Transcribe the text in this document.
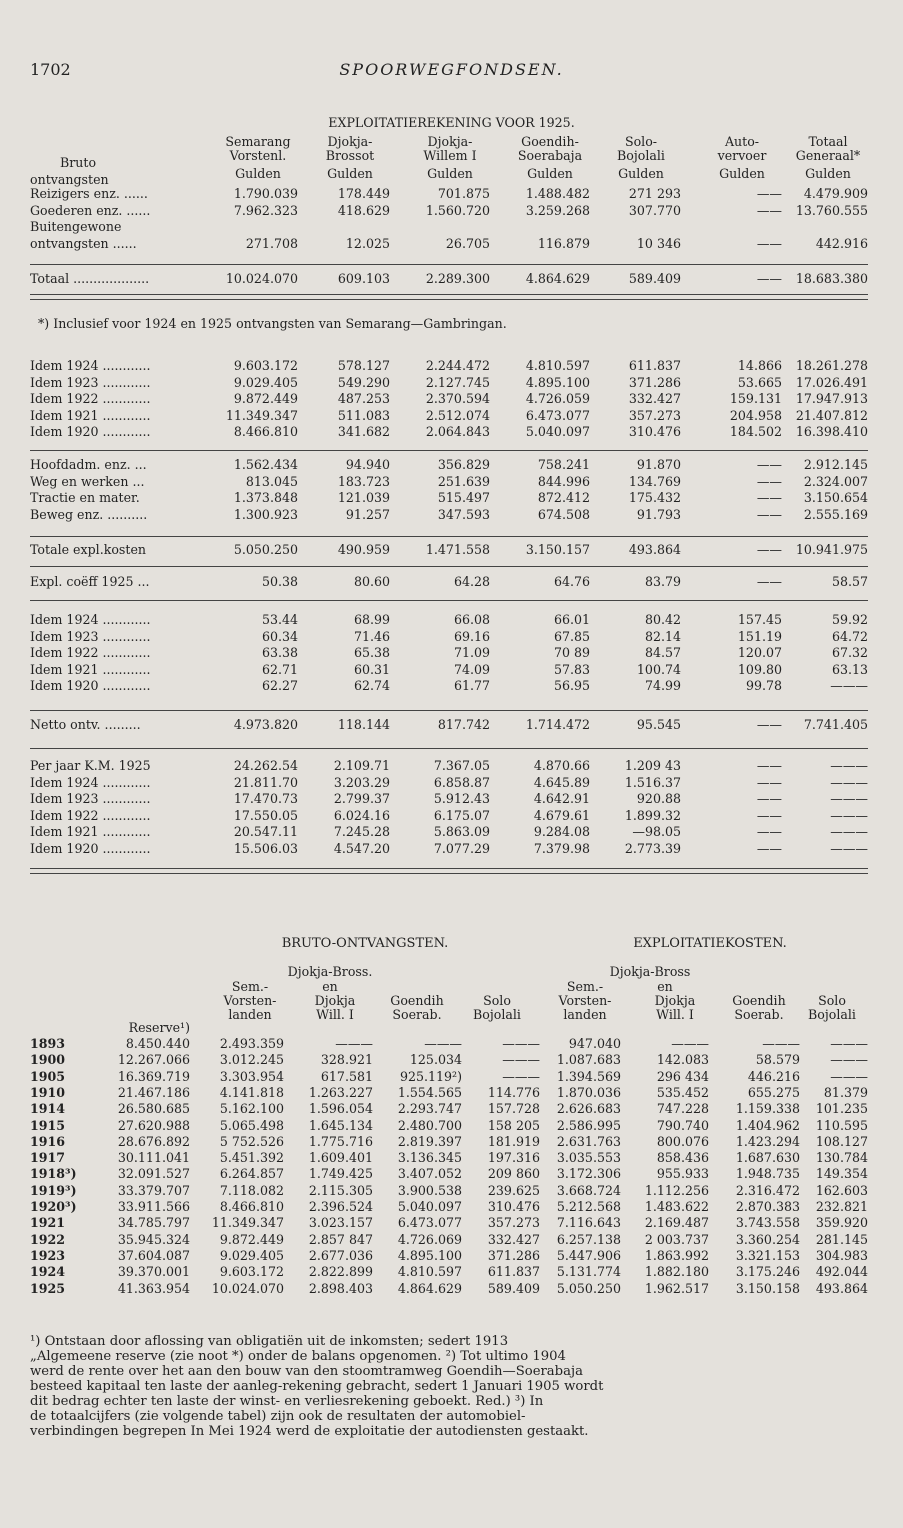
1702	SPOORWEGFONDSEN.
EXPLOITATIEREKENING VOOR 1925.
Bruto
ontvangsten
Semarang
Vorstenl.
Gulden
Djokja-
Brossot
Gulden
Djokja-
Willem I
Gulden
Goendih-
Soerabaja
Gulden
Solo-
Bojolali
Gulden
Auto-
vervoer
Gulden
Totaal
Generaal*
Gulden
Reizigers enz. ......	1.790.039	178.449	701.875	1.488.482	271 293	——	4.479.909
Goederen enz. ......	7.962.323	418.629	1.560.720	3.259.268	307.770	——	13.760.555
Buitengewone
ontvangsten ......	271.708	12.025	26.705	116.879	10 346	——	442.916
Totaal ...................	10.024.070	609.103	2.289.300	4.864.629	589.409	——	18.683.380
*) Inclusief voor 1924 en 1925 ontvangsten van Semarang—Gambringan.
Idem 1924 ............	9.603.172	578.127	2.244.472	4.810.597	611.837	14.866	18.261.278
Idem 1923 ............	9.029.405	549.290	2.127.745	4.895.100	371.286	53.665	17.026.491
Idem 1922 ............	9.872.449	487.253	2.370.594	4.726.059	332.427	159.131	17.947.913
Idem 1921 ............	11.349.347	511.083	2.512.074	6.473.077	357.273	204.958	21.407.812
Idem 1920 ............	8.466.810	341.682	2.064.843	5.040.097	310.476	184.502	16.398.410
Hoofdadm. enz. ...	1.562.434	94.940	356.829	758.241	91.870	——	2.912.145
Weg en werken ...	813.045	183.723	251.639	844.996	134.769	——	2.324.007
Tractie en mater.	1.373.848	121.039	515.497	872.412	175.432	——	3.150.654
Beweg enz. ..........	1.300.923	91.257	347.593	674.508	91.793	——	2.555.169
Totale expl.kosten	5.050.250	490.959	1.471.558	3.150.157	493.864	——	10.941.975
Expl. coëff 1925 ...	50.38	80.60	64.28	64.76	83.79	——	58.57
Idem 1924 ............	53.44	68.99	66.08	66.01	80.42	157.45	59.92
Idem 1923 ............	60.34	71.46	69.16	67.85	82.14	151.19	64.72
Idem 1922 ............	63.38	65.38	71.09	70 89	84.57	120.07	67.32
Idem 1921 ............	62.71	60.31	74.09	57.83	100.74	109.80	63.13
Idem 1920 ............	62.27	62.74	61.77	56.95	74.99	99.78	———
Netto ontv. .........	4.973.820	118.144	817.742	1.714.472	95.545	——	7.741.405
Per jaar K.M. 1925	24.262.54	2.109.71	7.367.05	4.870.66	1.209 43	——	———
Idem 1924 ............	21.811.70	3.203.29	6.858.87	4.645.89	1.516.37	——	———
Idem 1923 ............	17.470.73	2.799.37	5.912.43	4.642.91	920.88	——	———
Idem 1922 ............	17.550.05	6.024.16	6.175.07	4.679.61	1.899.32	——	———
Idem 1921 ............	20.547.11	7.245.28	5.863.09	9.284.08	—98.05	——	———
Idem 1920 ............	15.506.03	4.547.20	7.077.29	7.379.98	2.773.39	——	———
BRUTO-ONTVANGSTEN.	EXPLOITATIEKOSTEN.
Djokja-Bross.	Djokja-Bross
en	en
Sem.-	Sem.-
Vorsten-	Vorsten-
landen	landen
Djokja	Djokja
Will. I	Will. I
Goendih	Goendih
Soerab.	Soerab.
Solo	Solo
Bojolali	Bojolali
Reserve¹)
1893	8.450.440	2.493.359	———	———	———	947.040	———	———	———
1900	12.267.066	3.012.245	328.921	125.034	———	1.087.683	142.083	58.579	———
1905	16.369.719	3.303.954	617.581	925.119²)	———	1.394.569	296 434	446.216	———
1910	21.467.186	4.141.818	1.263.227	1.554.565	114.776	1.870.036	535.452	655.275	81.379
1914	26.580.685	5.162.100	1.596.054	2.293.747	157.728	2.626.683	747.228	1.159.338	101.235
1915	27.620.988	5.065.498	1.645.134	2.480.700	158 205	2.586.995	790.740	1.404.962	110.595
1916	28.676.892	5 752.526	1.775.716	2.819.397	181.919	2.631.763	800.076	1.423.294	108.127
1917	30.111.041	5.451.392	1.609.401	3.136.345	197.316	3.035.553	858.436	1.687.630	130.784
1918³)	32.091.527	6.264.857	1.749.425	3.407.052	209 860	3.172.306	955.933	1.948.735	149.354
1919³)	33.379.707	7.118.082	2.115.305	3.900.538	239.625	3.668.724	1.112.256	2.316.472	162.603
1920³)	33.911.566	8.466.810	2.396.524	5.040.097	310.476	5.212.568	1.483.622	2.870.383	232.821
1921	34.785.797	11.349.347	3.023.157	6.473.077	357.273	7.116.643	2.169.487	3.743.558	359.920
1922	35.945.324	9.872.449	2.857 847	4.726.069	332.427	6.257.138	2 003.737	3.360.254	281.145
1923	37.604.087	9.029.405	2.677.036	4.895.100	371.286	5.447.906	1.863.992	3.321.153	304.983
1924	39.370.001	9.603.172	2.822.899	4.810.597	611.837	5.131.774	1.882.180	3.175.246	492.044
1925	41.363.954	10.024.070	2.898.403	4.864.629	589.409	5.050.250	1.962.517	3.150.158	493.864
¹) Ontstaan door aflossing van obligatiën uit de inkomsten; sedert 1913
„Algemeene reserve (zie noot *) onder de balans opgenomen. ²) Tot ultimo 1904
werd de rente over het aan den bouw van den stoomtramweg Goendih—Soerabaja
besteed kapitaal ten laste der aanleg-rekening gebracht, sedert 1 Januari 1905 wordt
dit bedrag echter ten laste der winst- en verliesrekening geboekt. Red.) ³) In
de totaalcijfers (zie volgende tabel) zijn ook de resultaten der automobiel-
verbindingen begrepen In Mei 1924 werd de exploitatie der autodiensten gestaakt.
